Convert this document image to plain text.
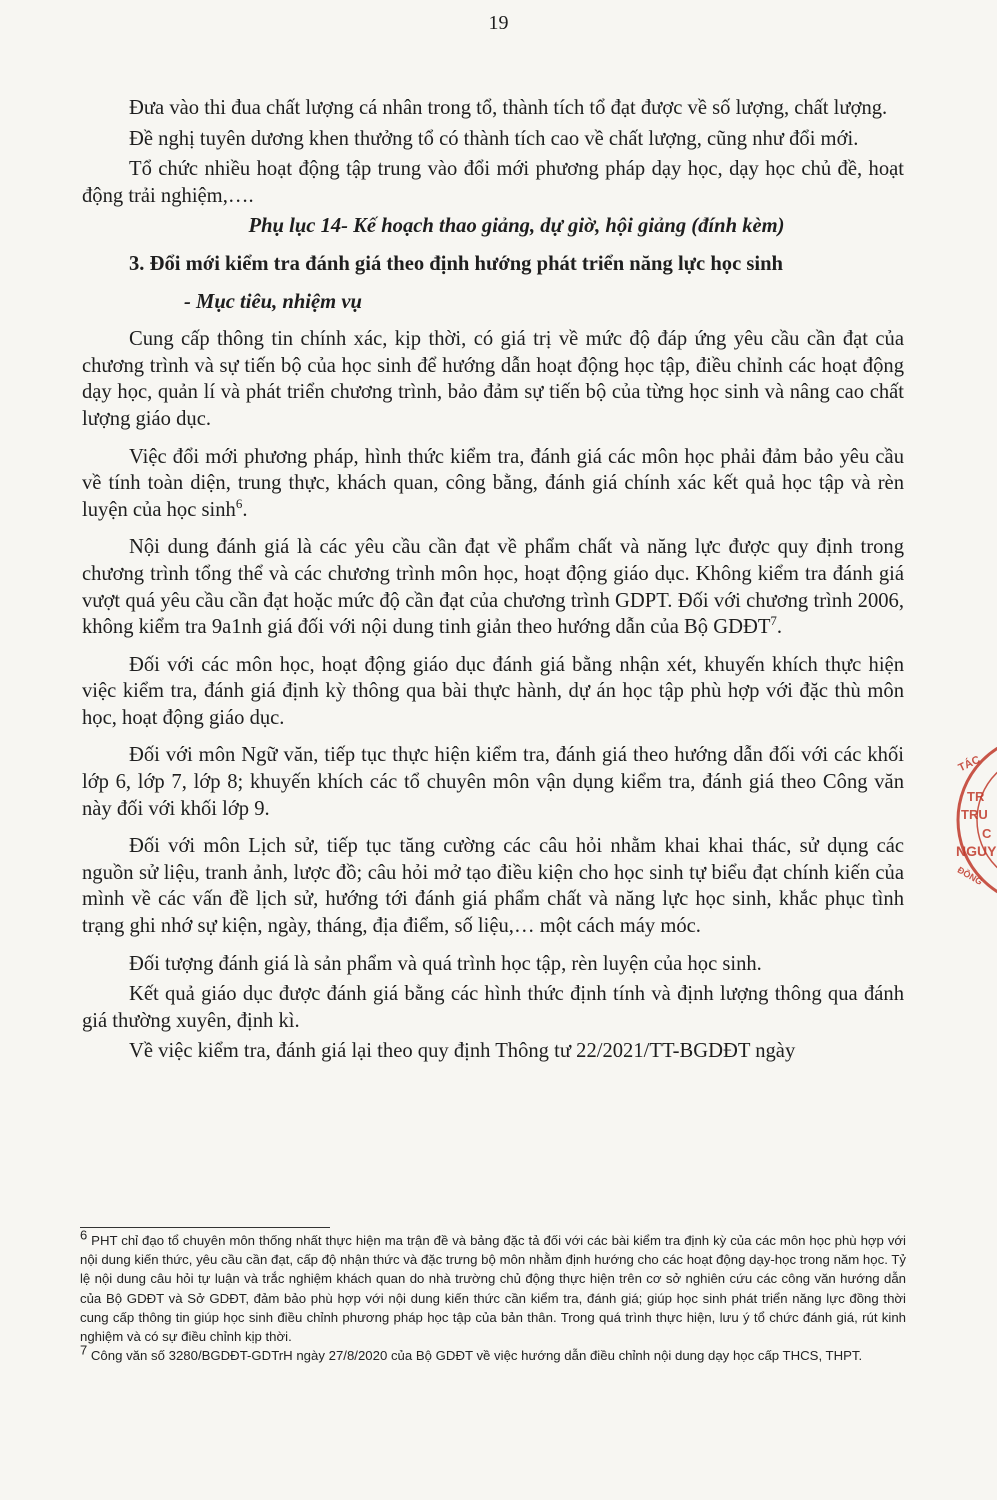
19

Đưa vào thi đua chất lượng cá nhân trong tổ, thành tích tổ đạt được về số lượng, chất lượng.

Đề nghị tuyên dương khen thưởng tổ có thành tích cao về chất lượng, cũng như đổi mới.

Tổ chức nhiều hoạt động tập trung vào đổi mới phương pháp dạy học, dạy học chủ đề, hoạt động trải nghiệm,….

Phụ lục 14- Kế hoạch thao giảng, dự giờ, hội giảng (đính kèm)

3. Đổi mới kiểm tra đánh giá theo định hướng phát triển năng lực học sinh

- Mục tiêu, nhiệm vụ

Cung cấp thông tin chính xác, kịp thời, có giá trị về mức độ đáp ứng yêu cầu cần đạt của chương trình và sự tiến bộ của học sinh để hướng dẫn hoạt động học tập, điều chỉnh các hoạt động dạy học, quản lí và phát triển chương trình, bảo đảm sự tiến bộ của từng học sinh và nâng cao chất lượng giáo dục.

Việc đổi mới phương pháp, hình thức kiểm tra, đánh giá các môn học phải đảm bảo yêu cầu về tính toàn diện, trung thực, khách quan, công bằng, đánh giá chính xác kết quả học tập và rèn luyện của học $\sinh^6$.

Nội dung đánh giá là các yêu cầu cần đạt về phẩm chất và năng lực được quy định trong chương trình tổng thể và các chương trình môn học, hoạt động giáo dục. Không kiểm tra đánh giá vượt quá yêu cầu cần đạt hoặc mức độ cần đạt của chương trình GDPT. Đối với chương trình 2006, không kiểm tra 9a1nh giá đối với nội dung tinh giản theo hướng dẫn của Bộ GDĐT$^7$.

Đối với các môn học, hoạt động giáo dục đánh giá bằng nhận xét, khuyến khích thực hiện việc kiểm tra, đánh giá định kỳ thông qua bài thực hành, dự án học tập phù hợp với đặc thù môn học, hoạt động giáo dục.

Đối với môn Ngữ văn, tiếp tục thực hiện kiểm tra, đánh giá theo hướng dẫn đối với các khối lớp 6, lớp 7, lớp 8; khuyến khích các tổ chuyên môn vận dụng kiểm tra, đánh giá theo Công văn này đối với khối lớp 9.

Đối với môn Lịch sử, tiếp tục tăng cường các câu hỏi nhằm khai khai thác, sử dụng các nguồn sử liệu, tranh ảnh, lược đồ; câu hỏi mở tạo điều kiện cho học sinh tự biểu đạt chính kiến của mình về các vấn đề lịch sử, hướng tới đánh giá phẩm chất và năng lực học sinh, khắc phục tình trạng ghi nhớ sự kiện, ngày, tháng, địa điểm, số liệu,… một cách máy móc.

Đối tượng đánh giá là sản phẩm và quá trình học tập, rèn luyện của học sinh.

Kết quả giáo dục được đánh giá bằng các hình thức định tính và định lượng thông qua đánh giá thường xuyên, định kì.

Về việc kiểm tra, đánh giá lại theo quy định Thông tư 22/2021/TT-BGDĐT ngày

$^6$ PHT chỉ đạo tổ chuyên môn thống nhất thực hiện ma trận đề và bảng đặc tả đối với các bài kiểm tra định kỳ của các môn học phù hợp với nội dung kiến thức, yêu cầu cần đạt, cấp độ nhận thức và đặc trưng bộ môn nhằm định hướng cho các hoạt động dạy-học trong năm học. Tỷ lệ nội dung câu hỏi tự luận và trắc nghiệm khách quan do nhà trường chủ động thực hiện trên cơ sở nghiên cứu các công văn hướng dẫn của Bộ GDĐT và Sở GDĐT, đảm bảo phù hợp với nội dung kiến thức cần kiểm tra, đánh giá; giúp học sinh phát triển năng lực đồng thời cung cấp thông tin giúp học sinh điều chỉnh phương pháp học tập của bản thân. Trong quá trình thực hiện, lưu ý tổ chức đánh giá, rút kinh nghiệm và có sự điều chỉnh kịp thời.

$^7$ Công văn số 3280/BGDĐT-GDTrH ngày 27/8/2020 của Bộ GDĐT về việc hướng dẫn điều chỉnh nội dung dạy học cấp THCS, THPT.

TÁC
TR
TRU
C
NGUY
ĐỒNG
